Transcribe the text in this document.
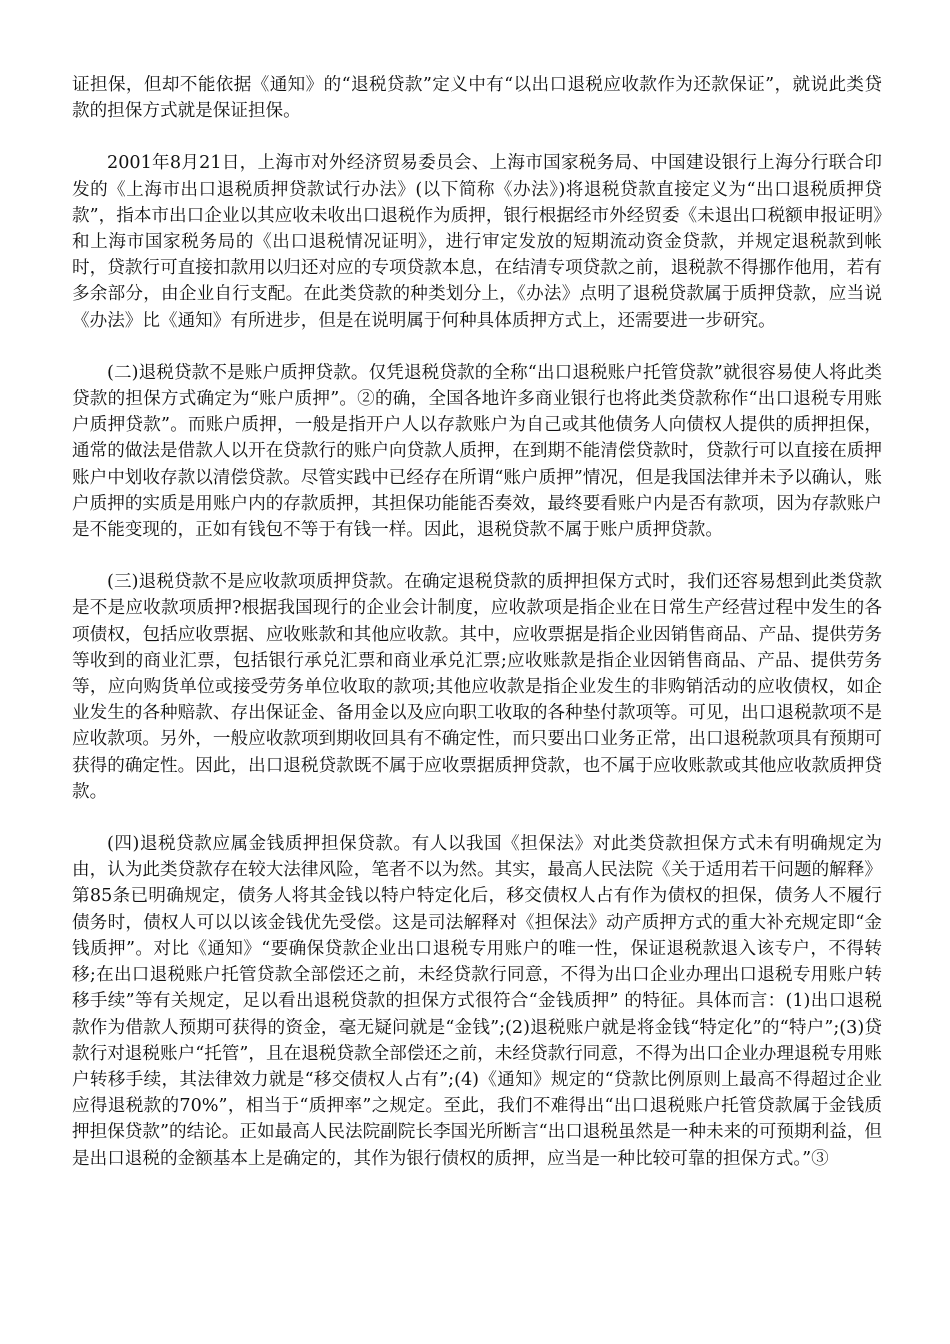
证担保，但却不能依据《通知》的“退税贷款”定义中有“以出口退税应收款作为还款保证”，就说此类贷款的担保方式就是保证担保。

2001年8月21日，上海市对外经济贸易委员会、上海市国家税务局、中国建设银行上海分行联合印发的《上海市出口退税质押贷款试行办法》(以下简称《办法》)将退税贷款直接定义为“出口退税质押贷款”，指本市出口企业以其应收未收出口退税作为质押，银行根据经市外经贸委《未退出口税额申报证明》和上海市国家税务局的《出口退税情况证明》，进行审定发放的短期流动资金贷款，并规定退税款到帐时，贷款行可直接扣款用以归还对应的专项贷款本息，在结清专项贷款之前，退税款不得挪作他用，若有多余部分，由企业自行支配。在此类贷款的种类划分上，《办法》点明了退税贷款属于质押贷款，应当说《办法》比《通知》有所进步，但是在说明属于何种具体质押方式上，还需要进一步研究。

(二)退税贷款不是账户质押贷款。仅凭退税贷款的全称“出口退税账户托管贷款”就很容易使人将此类贷款的担保方式确定为“账户质押”。②的确，全国各地许多商业银行也将此类贷款称作“出口退税专用账户质押贷款”。而账户质押，一般是指开户人以存款账户为自己或其他债务人向债权人提供的质押担保，通常的做法是借款人以开在贷款行的账户向贷款人质押，在到期不能清偿贷款时，贷款行可以直接在质押账户中划收存款以清偿贷款。尽管实践中已经存在所谓“账户质押”情况，但是我国法律并未予以确认，账户质押的实质是用账户内的存款质押，其担保功能能否奏效，最终要看账户内是否有款项，因为存款账户是不能变现的，正如有钱包不等于有钱一样。因此，退税贷款不属于账户质押贷款。

(三)退税贷款不是应收款项质押贷款。在确定退税贷款的质押担保方式时，我们还容易想到此类贷款是不是应收款项质押?根据我国现行的企业会计制度，应收款项是指企业在日常生产经营过程中发生的各项债权，包括应收票据、应收账款和其他应收款。其中，应收票据是指企业因销售商品、产品、提供劳务等收到的商业汇票，包括银行承兑汇票和商业承兑汇票;应收账款是指企业因销售商品、产品、提供劳务等，应向购货单位或接受劳务单位收取的款项;其他应收款是指企业发生的非购销活动的应收债权，如企业发生的各种赔款、存出保证金、备用金以及应向职工收取的各种垫付款项等。可见，出口退税款项不是应收款项。另外，一般应收款项到期收回具有不确定性，而只要出口业务正常，出口退税款项具有预期可获得的确定性。因此，出口退税贷款既不属于应收票据质押贷款，也不属于应收账款或其他应收款质押贷款。

(四)退税贷款应属金钱质押担保贷款。有人以我国《担保法》对此类贷款担保方式未有明确规定为由，认为此类贷款存在较大法律风险，笔者不以为然。其实，最高人民法院《关于适用若干问题的解释》第85条已明确规定，债务人将其金钱以特户特定化后，移交债权人占有作为债权的担保，债务人不履行债务时，债权人可以以该金钱优先受偿。这是司法解释对《担保法》动产质押方式的重大补充规定即“金钱质押”。对比《通知》“要确保贷款企业出口退税专用账户的唯一性，保证退税款退入该专户，不得转移;在出口退税账户托管贷款全部偿还之前，未经贷款行同意，不得为出口企业办理出口退税专用账户转移手续”等有关规定，足以看出退税贷款的担保方式很符合“金钱质押” 的特征。具体而言：(1)出口退税款作为借款人预期可获得的资金，毫无疑问就是“金钱”;(2)退税账户就是将金钱“特定化”的“特户”;(3)贷款行对退税账户“托管”，且在退税贷款全部偿还之前，未经贷款行同意，不得为出口企业办理退税专用账户转移手续，其法律效力就是“移交债权人占有”;(4)《通知》规定的“贷款比例原则上最高不得超过企业应得退税款的70%”，相当于“质押率”之规定。至此，我们不难得出“出口退税账户托管贷款属于金钱质押担保贷款”的结论。正如最高人民法院副院长李国光所断言“出口退税虽然是一种未来的可预期利益，但是出口退税的金额基本上是确定的，其作为银行债权的质押，应当是一种比较可靠的担保方式。”③
